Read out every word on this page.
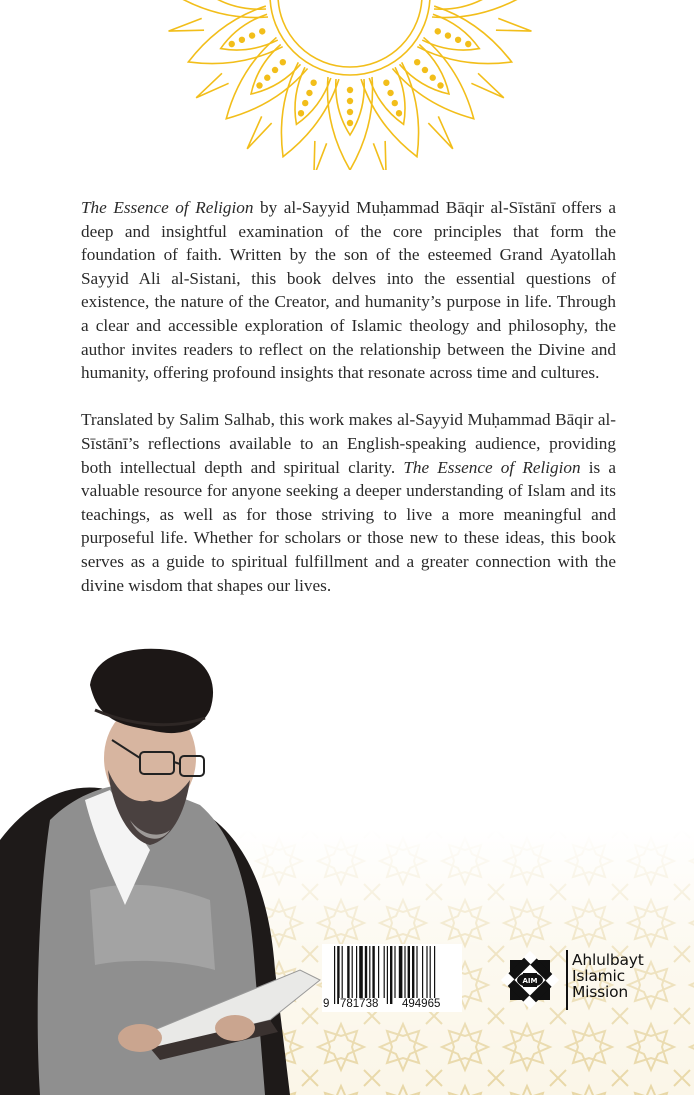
The Essence of Religion by al-Sayyid Muḥammad Bāqir al-Sīstānī offers a deep and insightful examination of the core principles that form the foundation of faith. Written by the son of the esteemed Grand Ayatollah Sayyid Ali al-Sistani, this book delves into the essential questions of existence, the nature of the Creator, and humanity’s purpose in life. Through a clear and accessible exploration of Islamic theology and philosophy, the author invites readers to reflect on the relationship between the Divine and humanity, offering profound insights that resonate across time and cultures.

Translated by Salim Salhab, this work makes al-Sayyid Muḥammad Bāqir al-Sīstānī’s reflections available to an English-speaking audience, providing both intellectual depth and spiritual clarity. The Essence of Religion is a valuable resource for anyone seeking a deeper understanding of Islam and its teachings, as well as for those striving to live a more meaningful and purposeful life. Whether for scholars or those new to these ideas, this book serves as a guide to spiritual fulfillment and a greater connection with the divine wisdom that shapes our lives.

9 781738 494965
AIM
Ahlulbayt
Islamic
Mission
